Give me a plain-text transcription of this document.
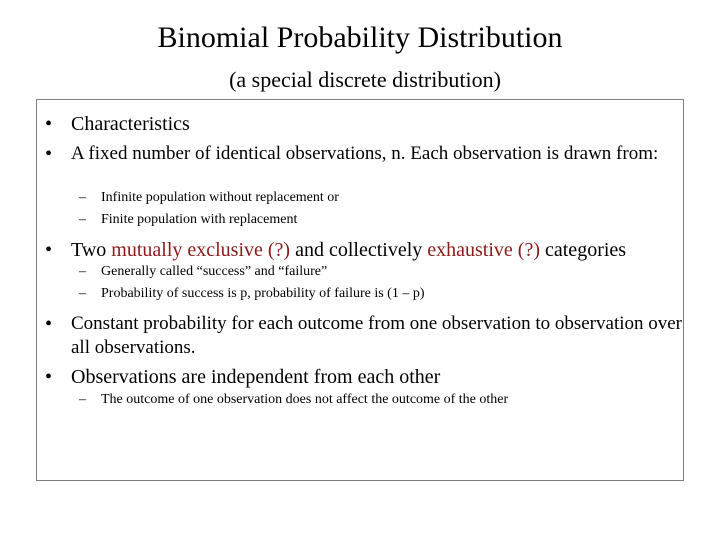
Binomial Probability Distribution
(a special discrete distribution)
• Characteristics
• A fixed number of identical observations, n. Each observation is drawn from:
– Infinite population without replacement or
– Finite population with replacement
• Two mutually exclusive (?) and collectively exhaustive (?) categories
– Generally called “success” and “failure”
– Probability of success is p, probability of failure is (1 – p)
• Constant probability for each outcome from one observation to observation over all observations.
• Observations are independent from each other
– The outcome of one observation does not affect the outcome of the other
